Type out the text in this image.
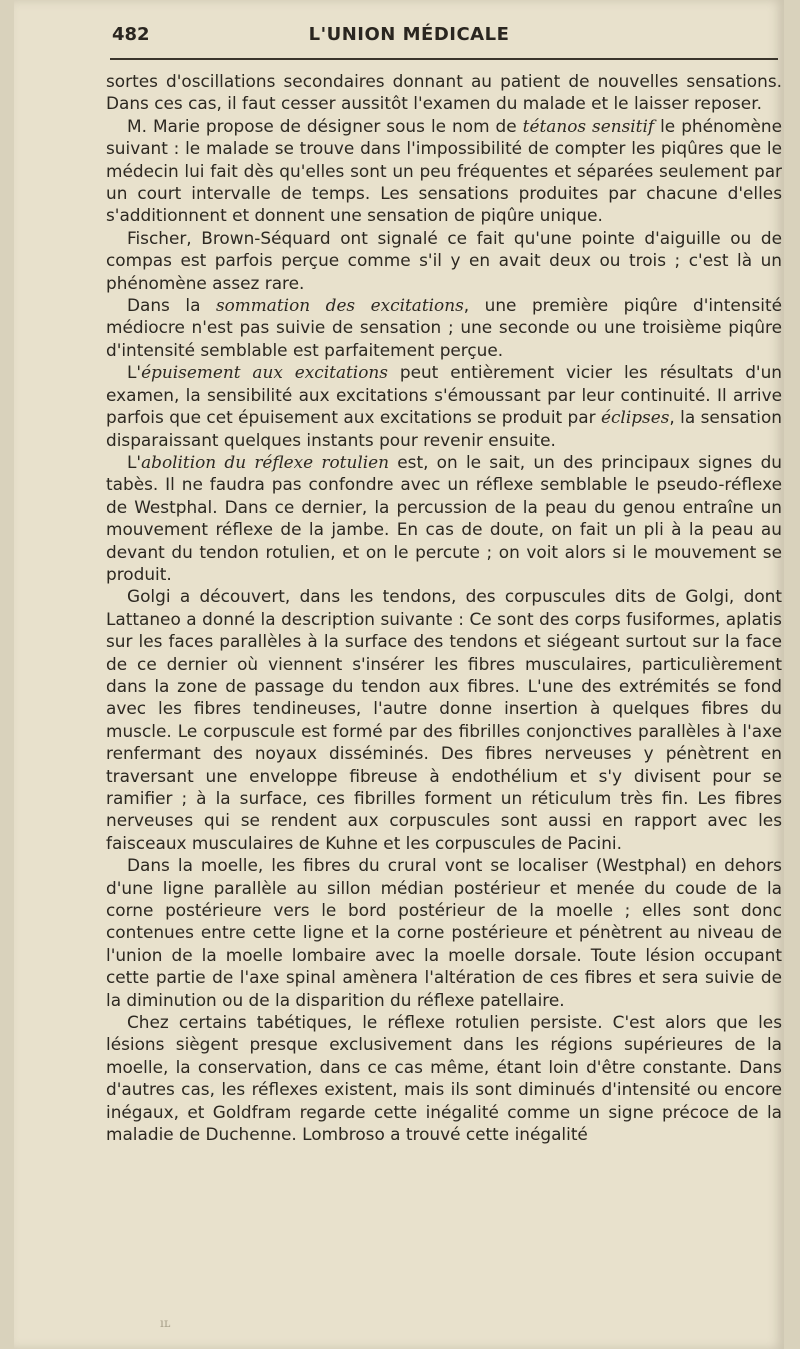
482	L'UNION MÉDICALE

sortes d'oscillations secondaires donnant au patient de nouvelles sensations. Dans ces cas, il faut cesser aussitôt l'examen du malade et le laisser reposer.

M. Marie propose de désigner sous le nom de tétanos sensitif le phénomène suivant : le malade se trouve dans l'impossibilité de compter les piqûres que le médecin lui fait dès qu'elles sont un peu fréquentes et séparées seulement par un court intervalle de temps. Les sensations produites par chacune d'elles s'additionnent et donnent une sensation de piqûre unique.

Fischer, Brown-Séquard ont signalé ce fait qu'une pointe d'aiguille ou de compas est parfois perçue comme s'il y en avait deux ou trois ; c'est là un phénomène assez rare.

Dans la sommation des excitations, une première piqûre d'intensité médiocre n'est pas suivie de sensation ; une seconde ou une troisième piqûre d'intensité semblable est parfaitement perçue.

L'épuisement aux excitations peut entièrement vicier les résultats d'un examen, la sensibilité aux excitations s'émoussant par leur continuité. Il arrive parfois que cet épuisement aux excitations se produit par éclipses, la sensation disparaissant quelques instants pour revenir ensuite.

L'abolition du réflexe rotulien est, on le sait, un des principaux signes du tabès. Il ne faudra pas confondre avec un réflexe semblable le pseudo-réflexe de Westphal. Dans ce dernier, la percussion de la peau du genou entraîne un mouvement réflexe de la jambe. En cas de doute, on fait un pli à la peau au devant du tendon rotulien, et on le percute ; on voit alors si le mouvement se produit.

Golgi a découvert, dans les tendons, des corpuscules dits de Golgi, dont Lattaneo a donné la description suivante : Ce sont des corps fusiformes, aplatis sur les faces parallèles à la surface des tendons et siégeant surtout sur la face de ce dernier où viennent s'insérer les fibres musculaires, particulièrement dans la zone de passage du tendon aux fibres. L'une des extrémités se fond avec les fibres tendineuses, l'autre donne insertion à quelques fibres du muscle. Le corpuscule est formé par des fibrilles conjonctives parallèles à l'axe renfermant des noyaux disséminés. Des fibres nerveuses y pénètrent en traversant une enveloppe fibreuse à endothélium et s'y divisent pour se ramifier ; à la surface, ces fibrilles forment un réticulum très fin. Les fibres nerveuses qui se rendent aux corpuscules sont aussi en rapport avec les faisceaux musculaires de Kuhne et les corpuscules de Pacini.

Dans la moelle, les fibres du crural vont se localiser (Westphal) en dehors d'une ligne parallèle au sillon médian postérieur et menée du coude de la corne postérieure vers le bord postérieur de la moelle ; elles sont donc contenues entre cette ligne et la corne postérieure et pénètrent au niveau de l'union de la moelle lombaire avec la moelle dorsale. Toute lésion occupant cette partie de l'axe spinal amènera l'altération de ces fibres et sera suivie de la diminution ou de la disparition du réflexe patellaire.

Chez certains tabétiques, le réflexe rotulien persiste. C'est alors que les lésions siègent presque exclusivement dans les régions supérieures de la moelle, la conservation, dans ce cas même, étant loin d'être constante. Dans d'autres cas, les réflexes existent, mais ils sont diminués d'intensité ou encore inégaux, et Goldfram regarde cette inégalité comme un signe précoce de la maladie de Duchenne. Lombroso a trouvé cette inégalité

ıʟ
